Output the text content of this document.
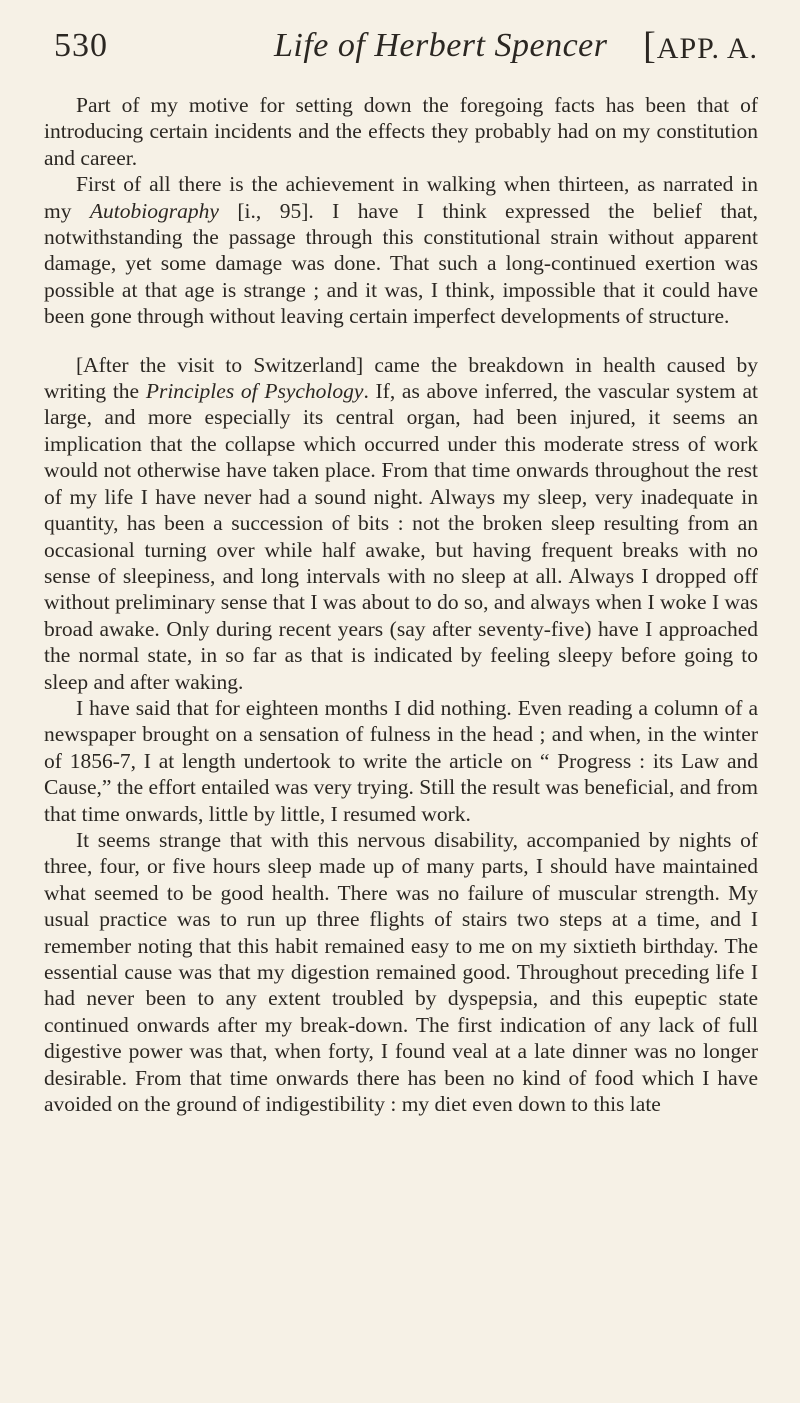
530	Life of Herbert Spencer [APP. A.

Part of my motive for setting down the foregoing facts has been that of introducing certain incidents and the effects they probably had on my constitution and career.

First of all there is the achievement in walking when thirteen, as narrated in my Autobiography [i., 95]. I have I think expressed the belief that, notwithstanding the passage through this constitutional strain without apparent damage, yet some damage was done. That such a long-continued exertion was possible at that age is strange ; and it was, I think, impossible that it could have been gone through without leaving certain imperfect developments of structure.

[After the visit to Switzerland] came the breakdown in health caused by writing the Principles of Psychology. If, as above inferred, the vascular system at large, and more especially its central organ, had been injured, it seems an implication that the collapse which occurred under this moderate stress of work would not otherwise have taken place. From that time onwards throughout the rest of my life I have never had a sound night. Always my sleep, very inadequate in quantity, has been a succession of bits : not the broken sleep resulting from an occasional turning over while half awake, but having frequent breaks with no sense of sleepiness, and long intervals with no sleep at all. Always I dropped off without preliminary sense that I was about to do so, and always when I woke I was broad awake. Only during recent years (say after seventy-five) have I approached the normal state, in so far as that is indicated by feeling sleepy before going to sleep and after waking.

I have said that for eighteen months I did nothing. Even reading a column of a newspaper brought on a sensation of fulness in the head ; and when, in the winter of 1856-7, I at length undertook to write the article on “ Progress : its Law and Cause,” the effort entailed was very trying. Still the result was beneficial, and from that time onwards, little by little, I resumed work.

It seems strange that with this nervous disability, accompanied by nights of three, four, or five hours sleep made up of many parts, I should have maintained what seemed to be good health. There was no failure of muscular strength. My usual practice was to run up three flights of stairs two steps at a time, and I remember noting that this habit remained easy to me on my sixtieth birthday. The essential cause was that my digestion remained good. Throughout preceding life I had never been to any extent troubled by dyspepsia, and this eupeptic state continued onwards after my break-down. The first indication of any lack of full digestive power was that, when forty, I found veal at a late dinner was no longer desirable. From that time onwards there has been no kind of food which I have avoided on the ground of indigestibility : my diet even down to this late
